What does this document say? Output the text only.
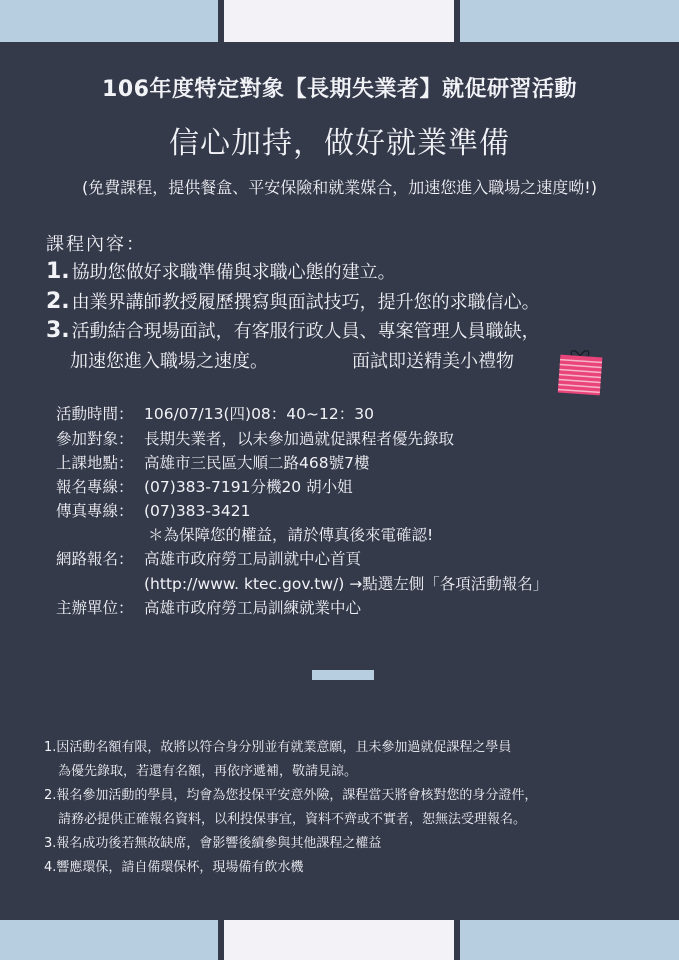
106年度特定對象【長期失業者】就促研習活動
信心加持，做好就業準備
(免費課程，提供餐盒、平安保險和就業媒合，加速您進入職場之速度呦!)
課程內容：
1. 協助您做好求職準備與求職心態的建立。
2. 由業界講師教授履歷撰寫與面試技巧，提升您的求職信心。
3. 活動結合現場面試，有客服行政人員、專案管理人員職缺，
加速您進入職場之速度。	面試即送精美小禮物
活動時間： 106/07/13(四)08：40~12：30
參加對象： 長期失業者，以未參加過就促課程者優先錄取
上課地點： 高雄市三民區大順二路468號7樓
報名專線： (07)383-7191分機20 胡小姐
傳真專線： (07)383-3421
＊為保障您的權益，請於傳真後來電確認!
網路報名： 高雄市政府勞工局訓就中心首頁
(http://www. ktec.gov.tw/) →點選左側「各項活動報名」
主辦單位： 高雄市政府勞工局訓練就業中心
1.因活動名額有限，故將以符合身分別並有就業意願，且未參加過就促課程之學員
為優先錄取，若還有名額，再依序遞補，敬請見諒。
2.報名參加活動的學員，均會為您投保平安意外險，課程當天將會核對您的身分證件，
請務必提供正確報名資料，以利投保事宜，資料不齊或不實者，恕無法受理報名。
3.報名成功後若無故缺席，會影響後續參與其他課程之權益
4.響應環保，請自備環保杯，現場備有飲水機
